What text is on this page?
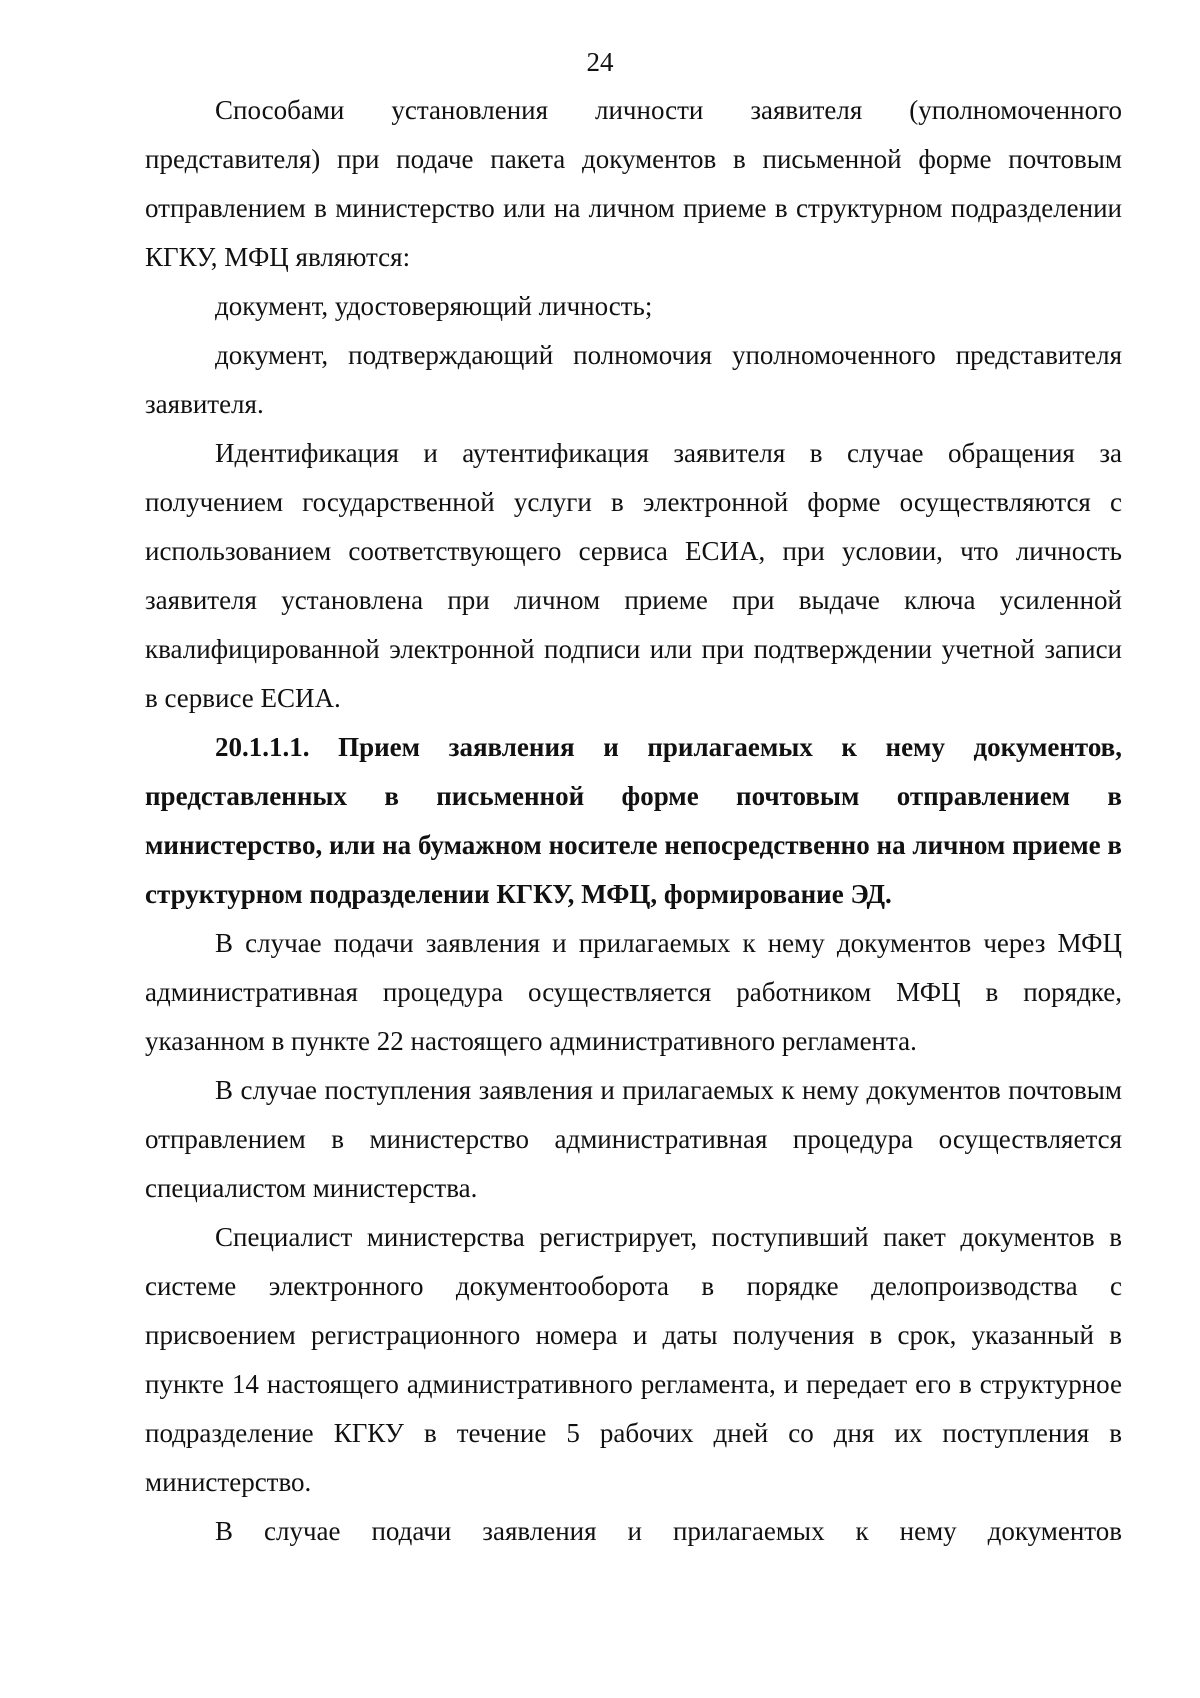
24

Способами установления личности заявителя (уполномоченного представителя) при подаче пакета документов в письменной форме почтовым отправлением в министерство или на личном приеме в структурном подразделении КГКУ, МФЦ являются:

документ, удостоверяющий личность;

документ, подтверждающий полномочия уполномоченного представителя заявителя.

Идентификация и аутентификация заявителя в случае обращения за получением государственной услуги в электронной форме осуществляются с использованием соответствующего сервиса ЕСИА, при условии, что личность заявителя установлена при личном приеме при выдаче ключа усиленной квалифицированной электронной подписи или при подтверждении учетной записи в сервисе ЕСИА.

20.1.1.1. Прием заявления и прилагаемых к нему документов, представленных в письменной форме почтовым отправлением в министерство, или на бумажном носителе непосредственно на личном приеме в структурном подразделении КГКУ, МФЦ, формирование ЭД.

В случае подачи заявления и прилагаемых к нему документов через МФЦ административная процедура осуществляется работником МФЦ в порядке, указанном в пункте 22 настоящего административного регламента.

В случае поступления заявления и прилагаемых к нему документов почтовым отправлением в министерство административная процедура осуществляется специалистом министерства.

Специалист министерства регистрирует, поступивший пакет документов в системе электронного документооборота в порядке делопроизводства с присвоением регистрационного номера и даты получения в срок, указанный в пункте 14 настоящего административного регламента, и передает его в структурное подразделение КГКУ в течение 5 рабочих дней со дня их поступления в министерство.

В случае подачи заявления и прилагаемых к нему документов
